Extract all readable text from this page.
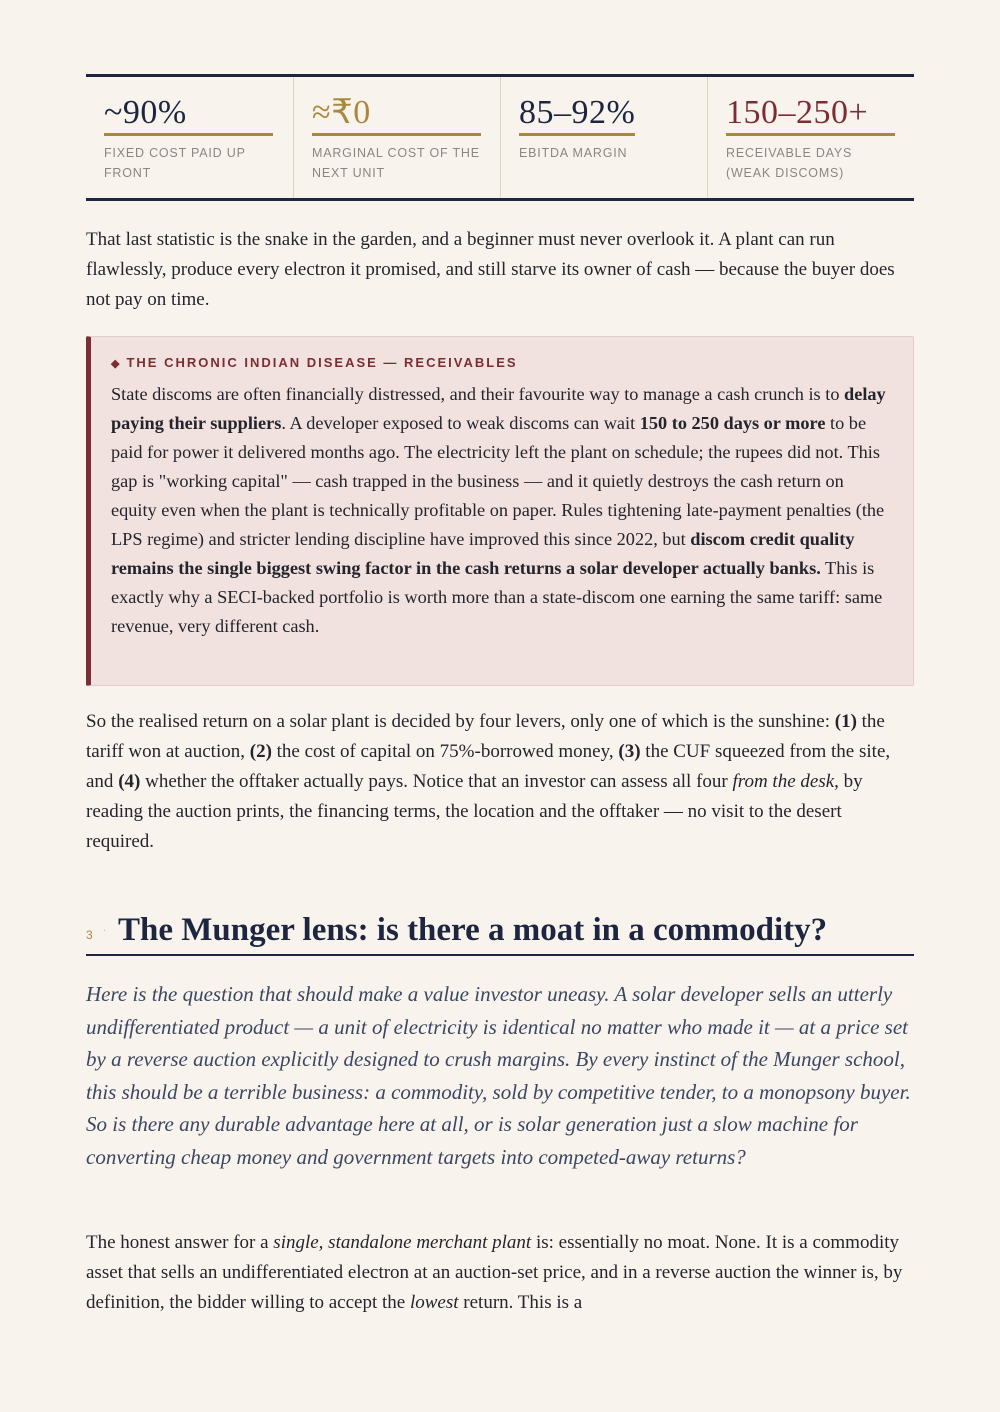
~90%
FIXED COST PAID UP FRONT
≈₹0
MARGINAL COST OF THE NEXT UNIT
85–92%
EBITDA MARGIN
150–250+
RECEIVABLE DAYS (WEAK DISCOMS)

That last statistic is the snake in the garden, and a beginner must never overlook it. A plant can run flawlessly, produce every electron it promised, and still starve its owner of cash — because the buyer does not pay on time.

◆ THE CHRONIC INDIAN DISEASE — RECEIVABLES

State discoms are often financially distressed, and their favourite way to manage a cash crunch is to delay paying their suppliers. A developer exposed to weak discoms can wait 150 to 250 days or more to be paid for power it delivered months ago. The electricity left the plant on schedule; the rupees did not. This gap is "working capital" — cash trapped in the business — and it quietly destroys the cash return on equity even when the plant is technically profitable on paper. Rules tightening late-payment penalties (the LPS regime) and stricter lending discipline have improved this since 2022, but discom credit quality remains the single biggest swing factor in the cash returns a solar developer actually banks. This is exactly why a SECI-backed portfolio is worth more than a state-discom one earning the same tariff: same revenue, very different cash.

So the realised return on a solar plant is decided by four levers, only one of which is the sunshine: (1) the tariff won at auction, (2) the cost of capital on 75%-borrowed money, (3) the CUF squeezed from the site, and (4) whether the offtaker actually pays. Notice that an investor can assess all four from the desk, by reading the auction prints, the financing terms, the location and the offtaker — no visit to the desert required.

3 · The Munger lens: is there a moat in a commodity?

Here is the question that should make a value investor uneasy. A solar developer sells an utterly undifferentiated product — a unit of electricity is identical no matter who made it — at a price set by a reverse auction explicitly designed to crush margins. By every instinct of the Munger school, this should be a terrible business: a commodity, sold by competitive tender, to a monopsony buyer. So is there any durable advantage here at all, or is solar generation just a slow machine for converting cheap money and government targets into competed-away returns?

The honest answer for a single, standalone merchant plant is: essentially no moat. None. It is a commodity asset that sells an undifferentiated electron at an auction-set price, and in a reverse auction the winner is, by definition, the bidder willing to accept the lowest return. This is a
